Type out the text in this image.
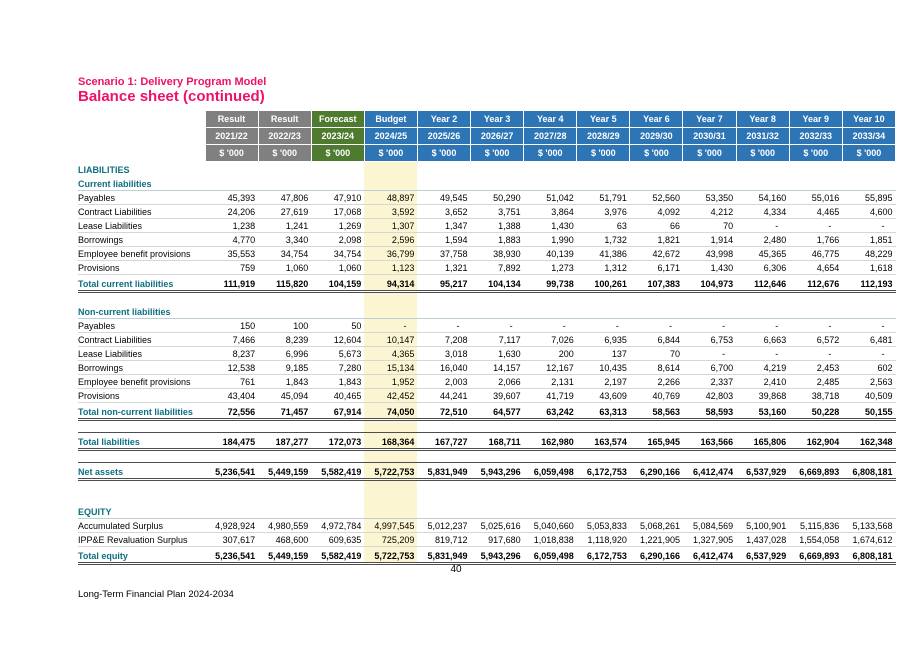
Scenario 1: Delivery Program Model
Balance sheet (continued)
	Result	Result	Forecast	Budget	Year 2	Year 3	Year 4	Year 5	Year 6	Year 7	Year 8	Year 9	Year 10
	2021/22	2022/23	2023/24	2024/25	2025/26	2026/27	2027/28	2028/29	2029/30	2030/31	2031/32	2032/33	2033/34
	$ '000	$ '000	$ '000	$ '000	$ '000	$ '000	$ '000	$ '000	$ '000	$ '000	$ '000	$ '000	$ '000
LIABILITIES													
Current liabilities													
Payables	45,393	47,806	47,910	48,897	49,545	50,290	51,042	51,791	52,560	53,350	54,160	55,016	55,895
Contract Liabilities	24,206	27,619	17,068	3,592	3,652	3,751	3,864	3,976	4,092	4,212	4,334	4,465	4,600
Lease Liabilities	1,238	1,241	1,269	1,307	1,347	1,388	1,430	63	66	70	-	-	-
Borrowings	4,770	3,340	2,098	2,596	1,594	1,883	1,990	1,732	1,821	1,914	2,480	1,766	1,851
Employee benefit provisions	35,553	34,754	34,754	36,799	37,758	38,930	40,139	41,386	42,672	43,998	45,365	46,775	48,229
Provisions	759	1,060	1,060	1,123	1,321	7,892	1,273	1,312	6,171	1,430	6,306	4,654	1,618
Total current liabilities	111,919	115,820	104,159	94,314	95,217	104,134	99,738	100,261	107,383	104,973	112,646	112,676	112,193

Non-current liabilities													
Payables	150	100	50	-	-	-	-	-	-	-	-	-	-
Contract Liabilities	7,466	8,239	12,604	10,147	7,208	7,117	7,026	6,935	6,844	6,753	6,663	6,572	6,481
Lease Liabilities	8,237	6,996	5,673	4,365	3,018	1,630	200	137	70	-	-	-	-
Borrowings	12,538	9,185	7,280	15,134	16,040	14,157	12,167	10,435	8,614	6,700	4,219	2,453	602
Employee benefit provisions	761	1,843	1,843	1,952	2,003	2,066	2,131	2,197	2,266	2,337	2,410	2,485	2,563
Provisions	43,404	45,094	40,465	42,452	44,241	39,607	41,719	43,609	40,769	42,803	39,868	38,718	40,509
Total non-current liabilities	72,556	71,457	67,914	74,050	72,510	64,577	63,242	63,313	58,563	58,593	53,160	50,228	50,155

Total liabilities	184,475	187,277	172,073	168,364	167,727	168,711	162,980	163,574	165,945	163,566	165,806	162,904	162,348

Net assets	5,236,541	5,449,159	5,582,419	5,722,753	5,831,949	5,943,296	6,059,498	6,172,753	6,290,166	6,412,474	6,537,929	6,669,893	6,808,181

EQUITY													
Accumulated Surplus	4,928,924	4,980,559	4,972,784	4,997,545	5,012,237	5,025,616	5,040,660	5,053,833	5,068,261	5,084,569	5,100,901	5,115,836	5,133,568
IPP&E Revaluation Surplus	307,617	468,600	609,635	725,209	819,712	917,680	1,018,838	1,118,920	1,221,905	1,327,905	1,437,028	1,554,058	1,674,612
Total equity	5,236,541	5,449,159	5,582,419	5,722,753	5,831,949	5,943,296	6,059,498	6,172,753	6,290,166	6,412,474	6,537,929	6,669,893	6,808,181
40
Long-Term Financial Plan 2024-2034
